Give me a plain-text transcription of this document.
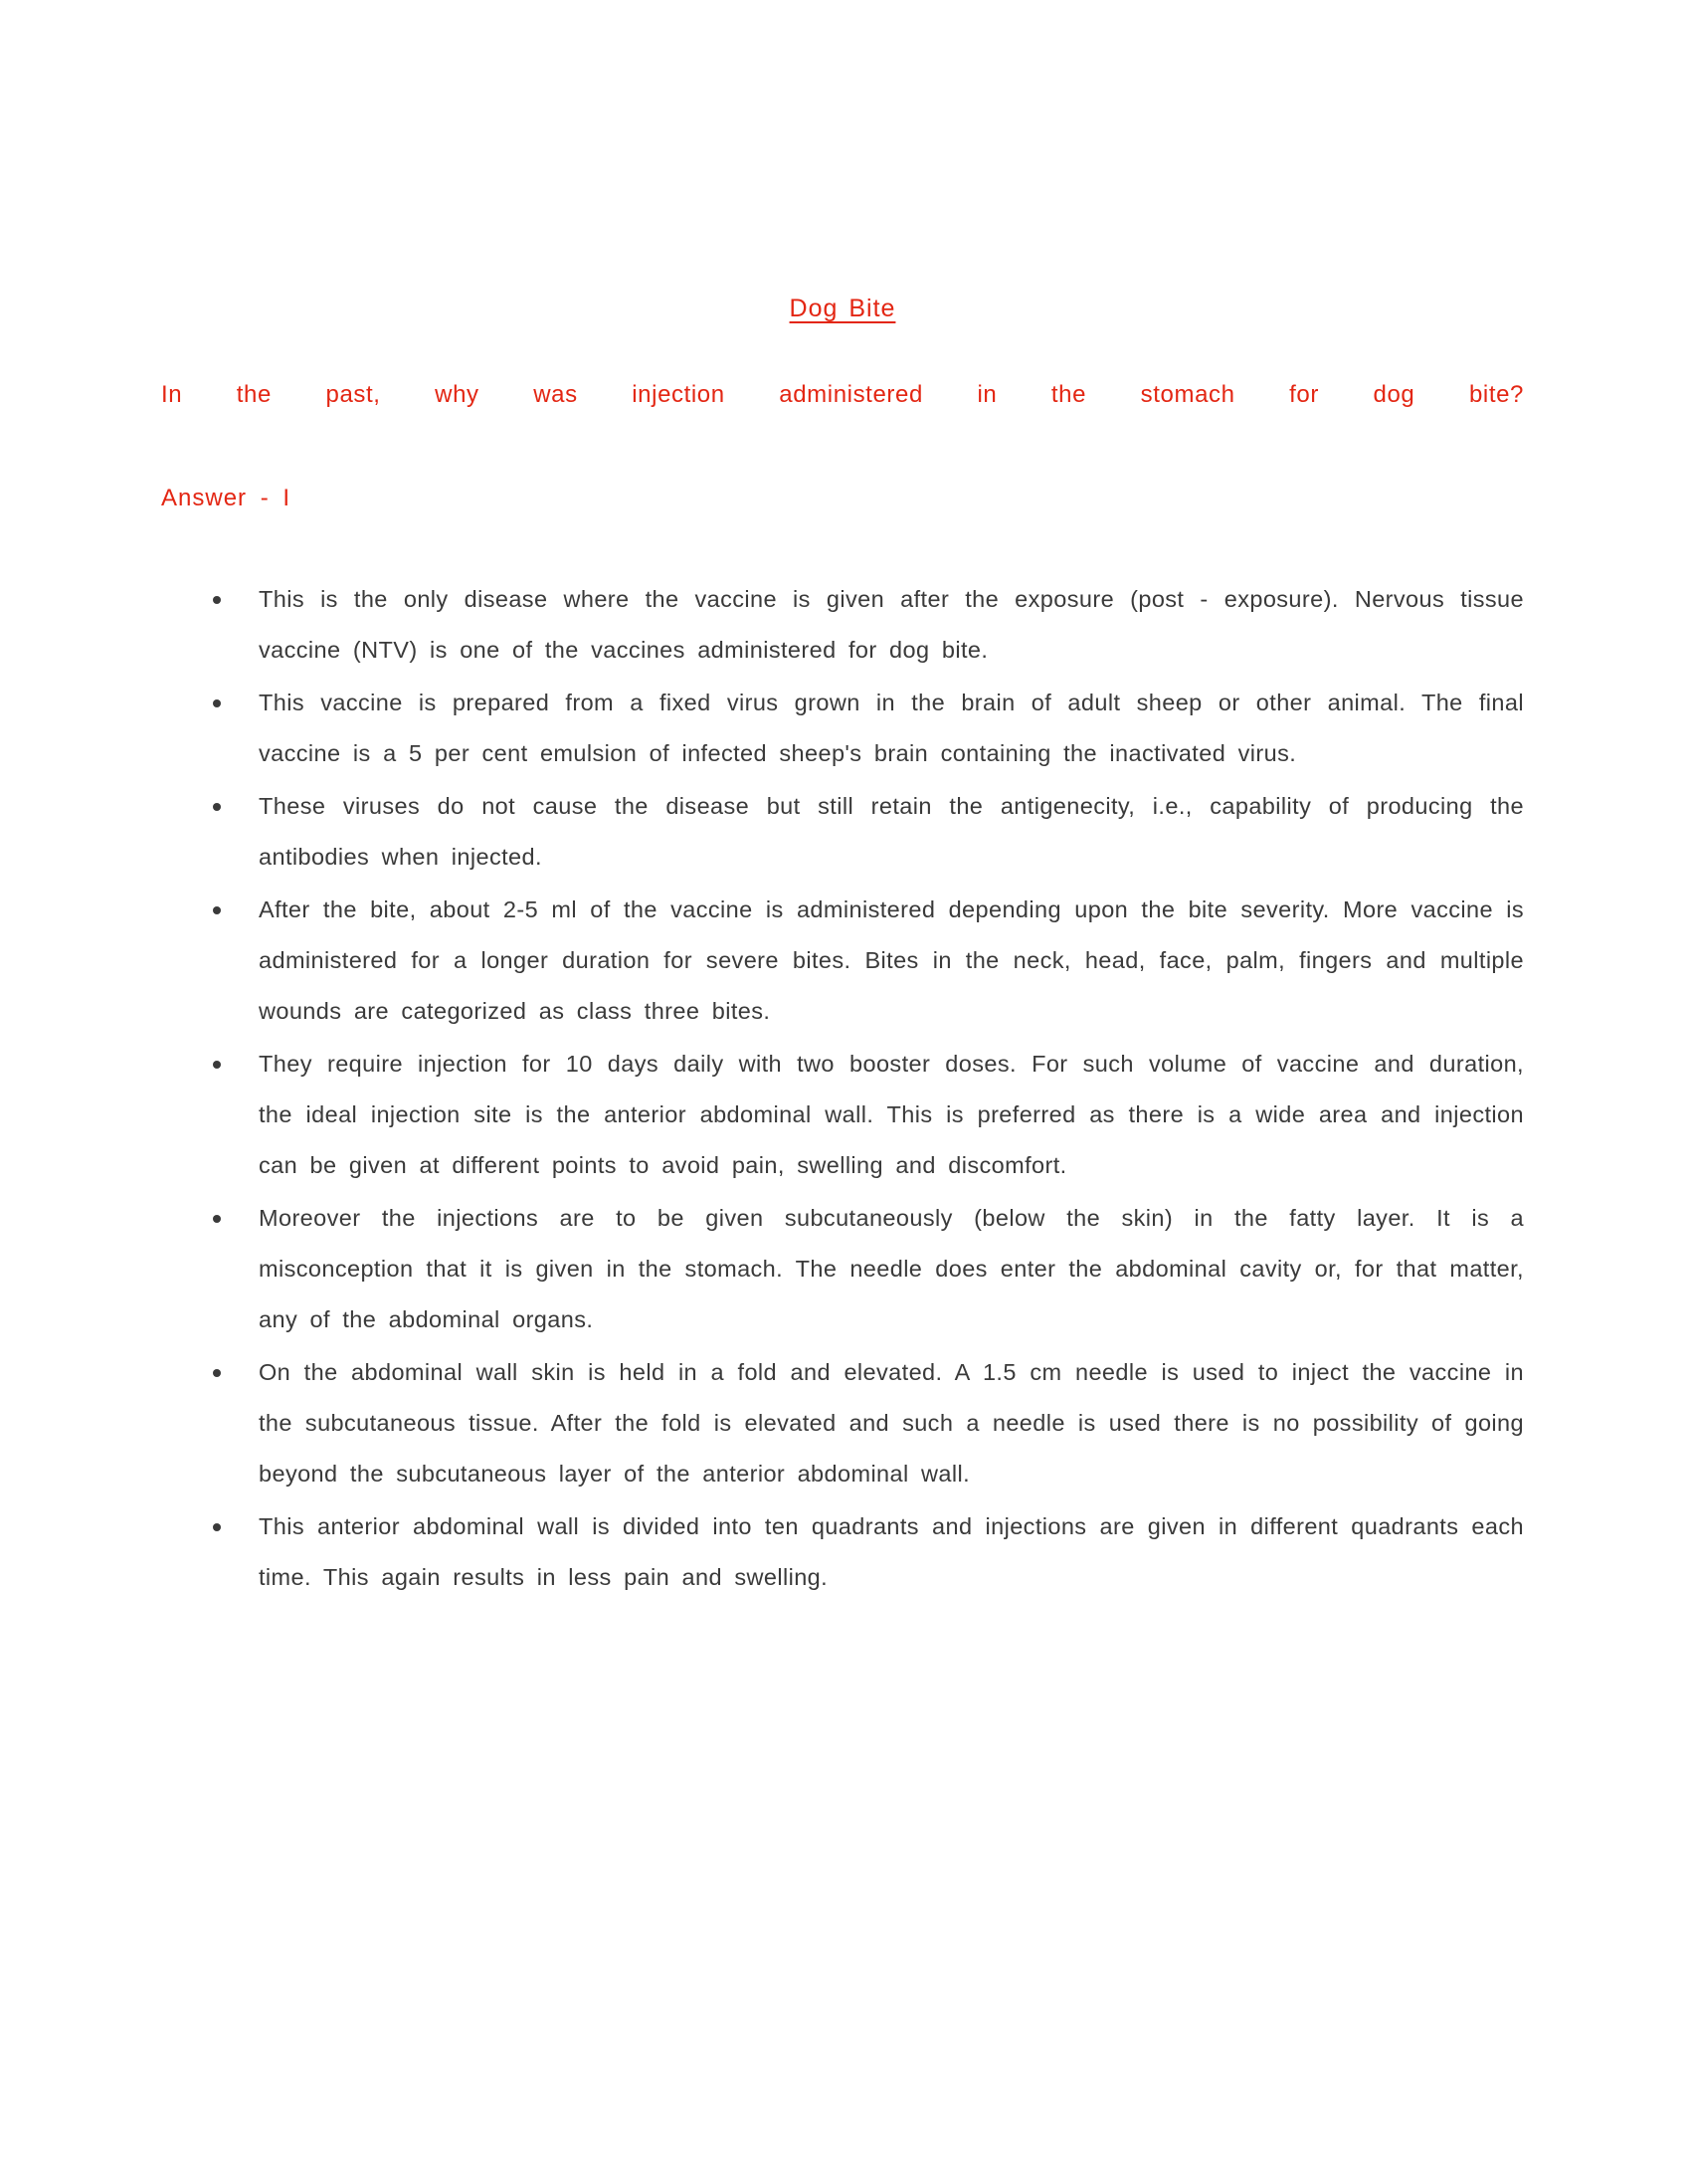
Dog Bite

In the past, why was injection administered in the stomach for dog bite?

Answer - I

This is the only disease where the vaccine is given after the exposure (post - exposure). Nervous tissue vaccine (NTV) is one of the vaccines administered for dog bite.
This vaccine is prepared from a fixed virus grown in the brain of adult sheep or other animal. The final vaccine is a 5 per cent emulsion of infected sheep's brain containing the inactivated virus.
These viruses do not cause the disease but still retain the antigenecity, i.e., capability of producing the antibodies when injected.
After the bite, about 2-5 ml of the vaccine is administered depending upon the bite severity. More vaccine is administered for a longer duration for severe bites. Bites in the neck, head, face, palm, fingers and multiple wounds are categorized as class three bites.
They require injection for 10 days daily with two booster doses. For such volume of vaccine and duration, the ideal injection site is the anterior abdominal wall. This is preferred as there is a wide area and injection can be given at different points to avoid pain, swelling and discomfort.
Moreover the injections are to be given subcutaneously (below the skin) in the fatty layer. It is a misconception that it is given in the stomach. The needle does enter the abdominal cavity or, for that matter, any of the abdominal organs.
On the abdominal wall skin is held in a fold and elevated. A 1.5 cm needle is used to inject the vaccine in the subcutaneous tissue. After the fold is elevated and such a needle is used there is no possibility of going beyond the subcutaneous layer of the anterior abdominal wall.
This anterior abdominal wall is divided into ten quadrants and injections are given in different quadrants each time. This again results in less pain and swelling.
